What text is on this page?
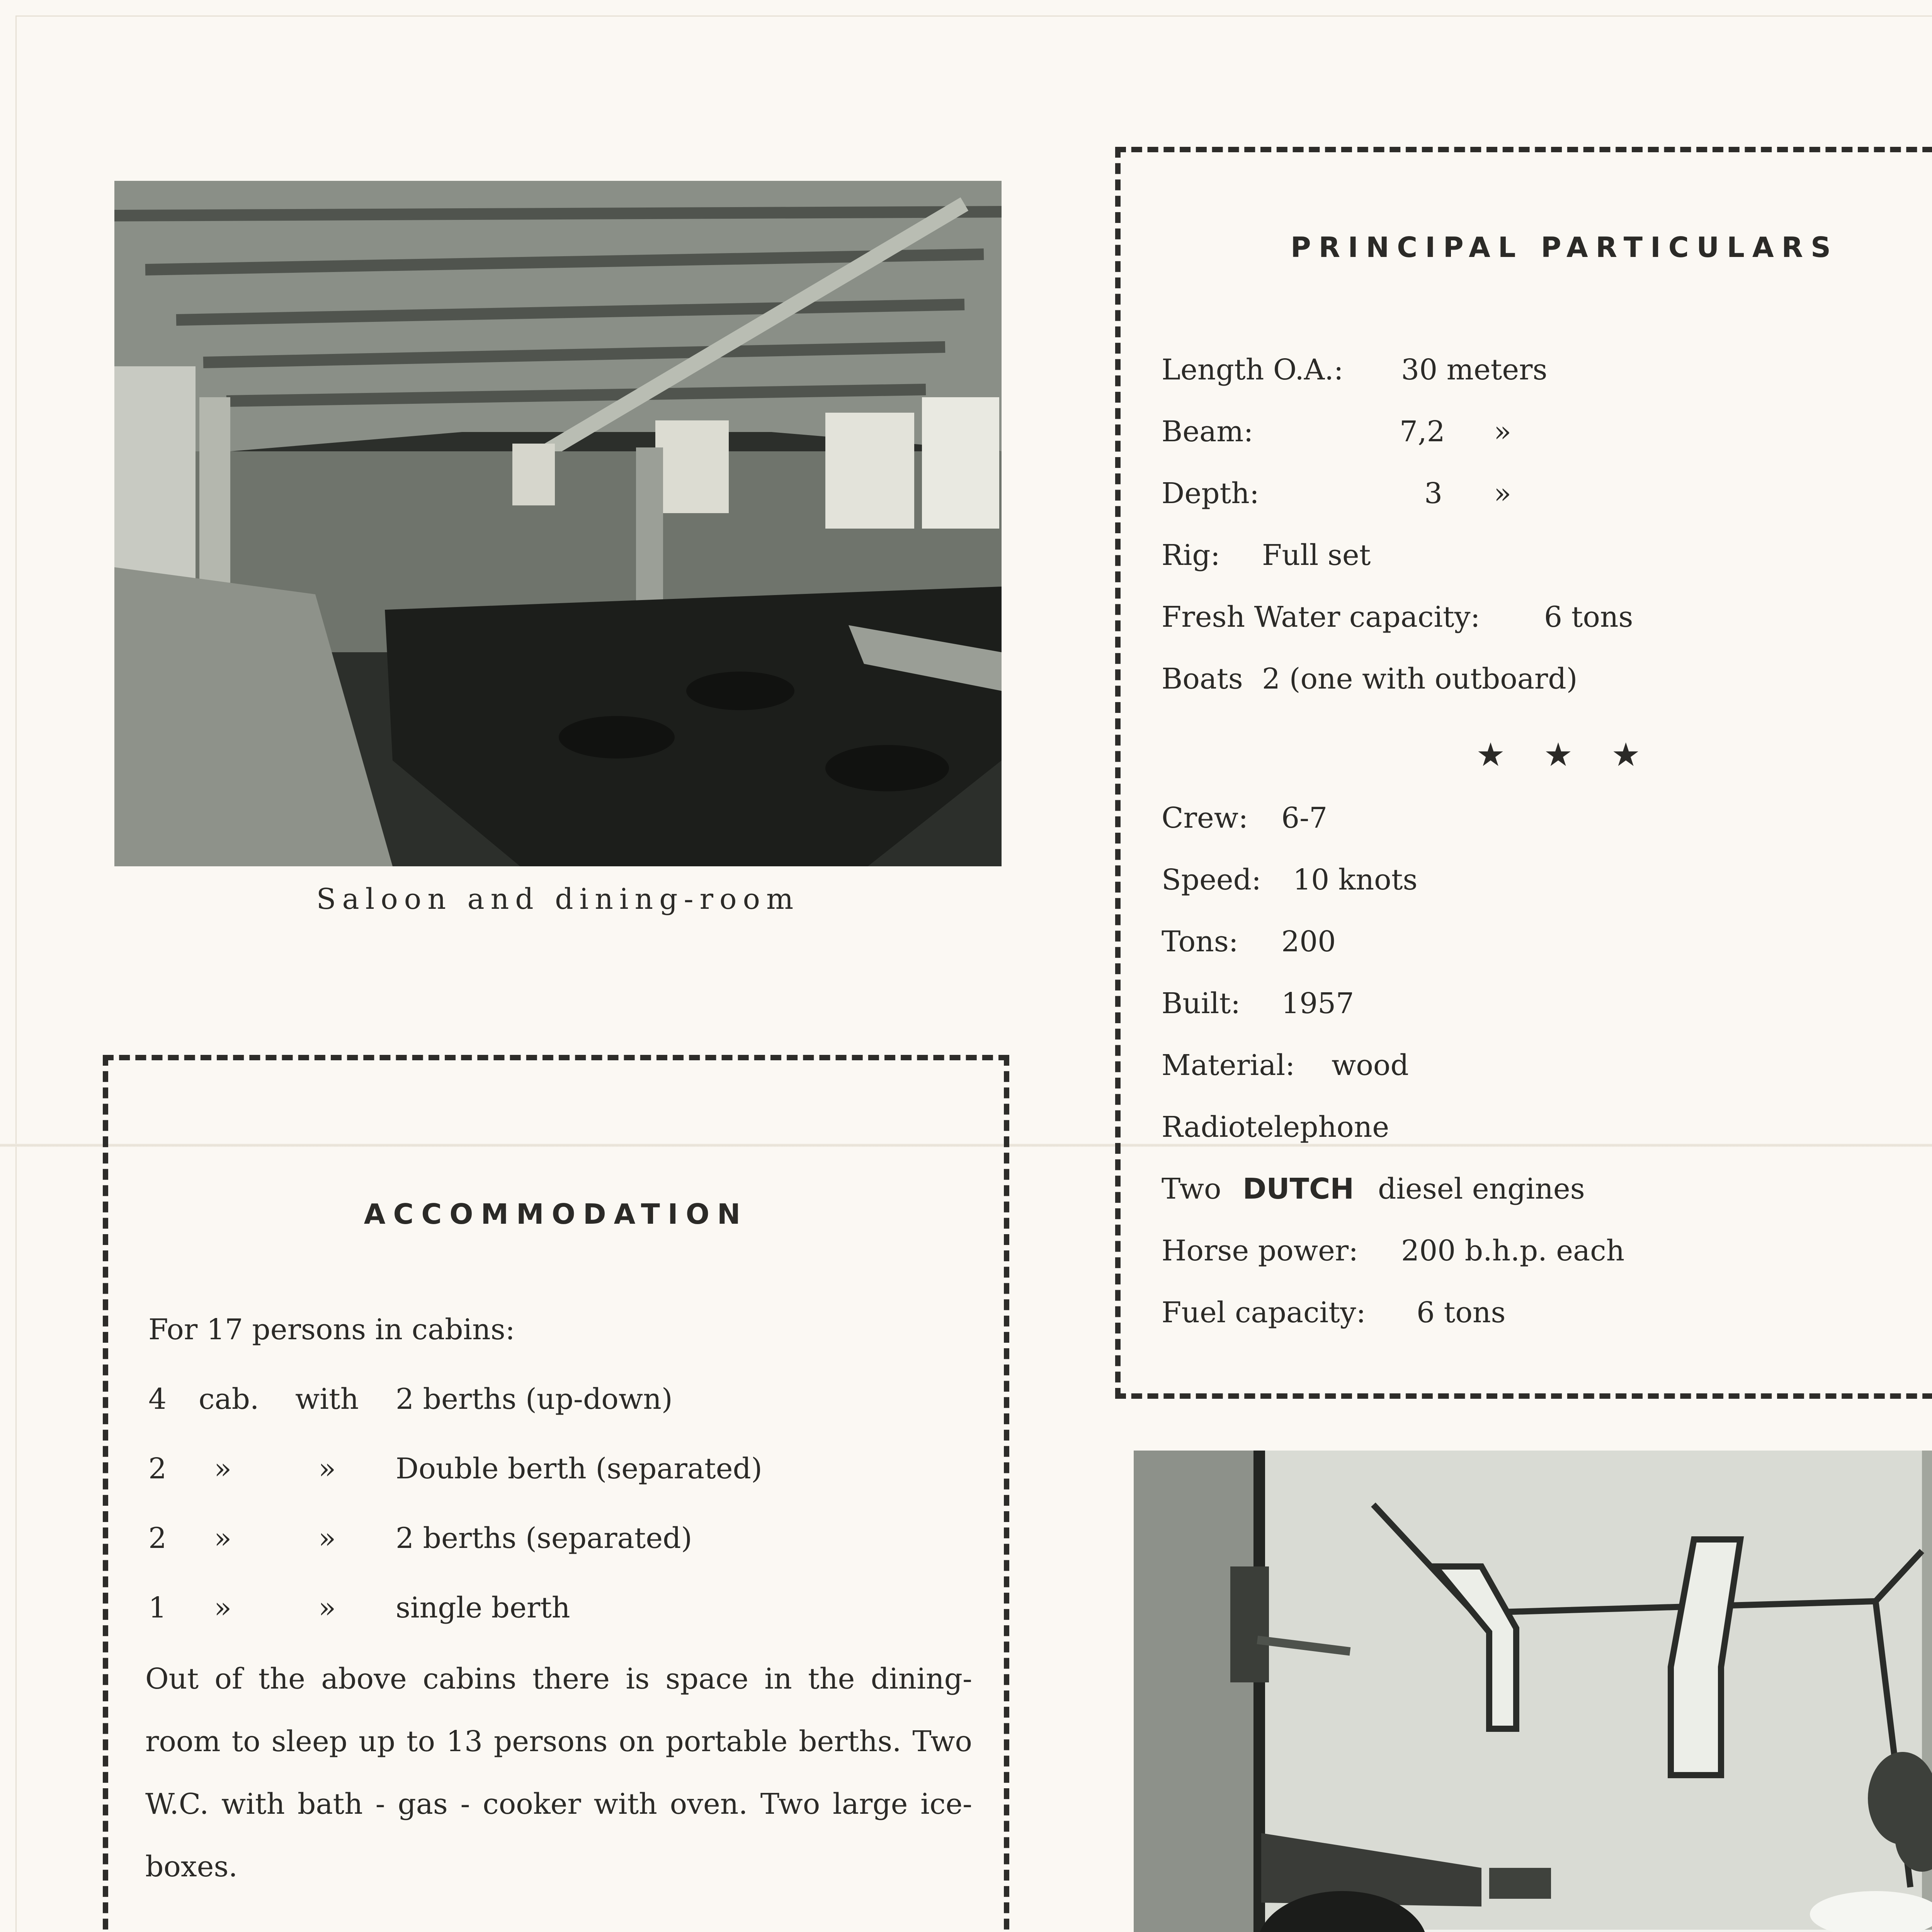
Saloon and dining-room
PRINCIPAL PARTICULARS
Length O.A.: 30 meters
Beam:	7,2 »
Depth:	3 »
Rig: Full set
Fresh Water capacity: 6 tons
Boats 2 (one with outboard)
★ ★ ★
Crew: 6-7
Speed: 10 knots
Tons: 200
Built: 1957
Material: wood
Radiotelephone
Two DUTCH diesel engines
Horse power: 200 b.h.p. each
Fuel capacity: 6 tons
ACCOMMODATION
For 17 persons in cabins:
4 cab. with 2 berths (up-down)
2 »	» Double berth (separated)
2 »	» 2 berths (separated)
1 »	» single berth
Out of the above cabins there is space in the dining-room to sleep up to 13 persons on portable berths. Two W.C. with bath - gas - cooker with oven. Two large ice-boxes.
